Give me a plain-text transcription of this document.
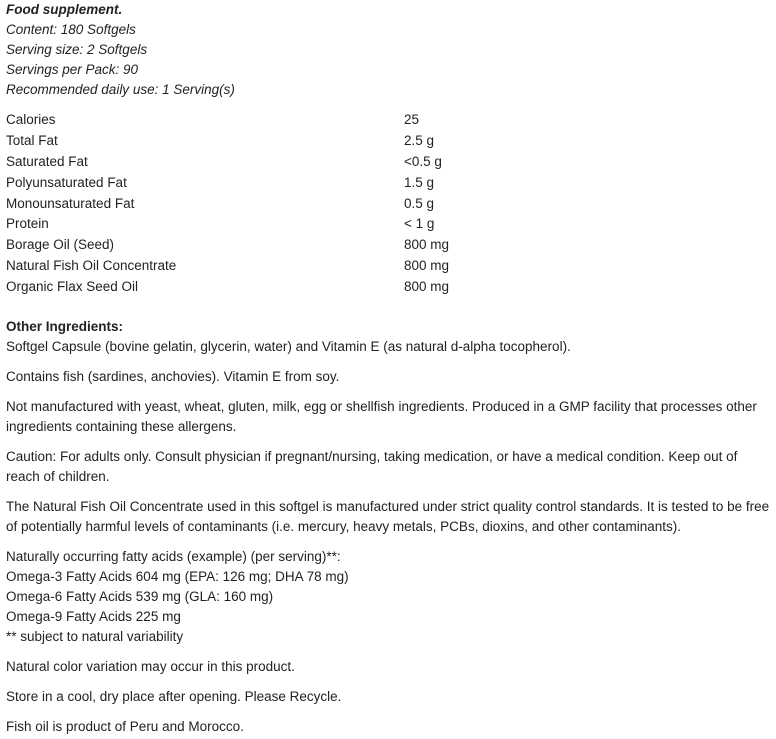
Food supplement.
Content: 180 Softgels
Serving size: 2 Softgels
Servings per Pack: 90
Recommended daily use: 1 Serving(s)
Calories	25
Total Fat	2.5 g
Saturated Fat	<0.5 g
Polyunsaturated Fat	1.5 g
Monounsaturated Fat	0.5 g
Protein	< 1 g
Borage Oil (Seed)	800 mg
Natural Fish Oil Concentrate	800 mg
Organic Flax Seed Oil	800 mg
Other Ingredients:
Softgel Capsule (bovine gelatin, glycerin, water) and Vitamin E (as natural d-alpha tocopherol).
Contains fish (sardines, anchovies). Vitamin E from soy.
Not manufactured with yeast, wheat, gluten, milk, egg or shellfish ingredients. Produced in a GMP facility that processes other ingredients containing these allergens.
Caution: For adults only. Consult physician if pregnant/nursing, taking medication, or have a medical condition. Keep out of reach of children.
The Natural Fish Oil Concentrate used in this softgel is manufactured under strict quality control standards. It is tested to be free of potentially harmful levels of contaminants (i.e. mercury, heavy metals, PCBs, dioxins, and other contaminants).
Naturally occurring fatty acids (example) (per serving)**:
Omega-3 Fatty Acids 604 mg (EPA: 126 mg; DHA 78 mg)
Omega-6 Fatty Acids 539 mg (GLA: 160 mg)
Omega-9 Fatty Acids 225 mg
** subject to natural variability
Natural color variation may occur in this product.
Store in a cool, dry place after opening. Please Recycle.
Fish oil is product of Peru and Morocco.
